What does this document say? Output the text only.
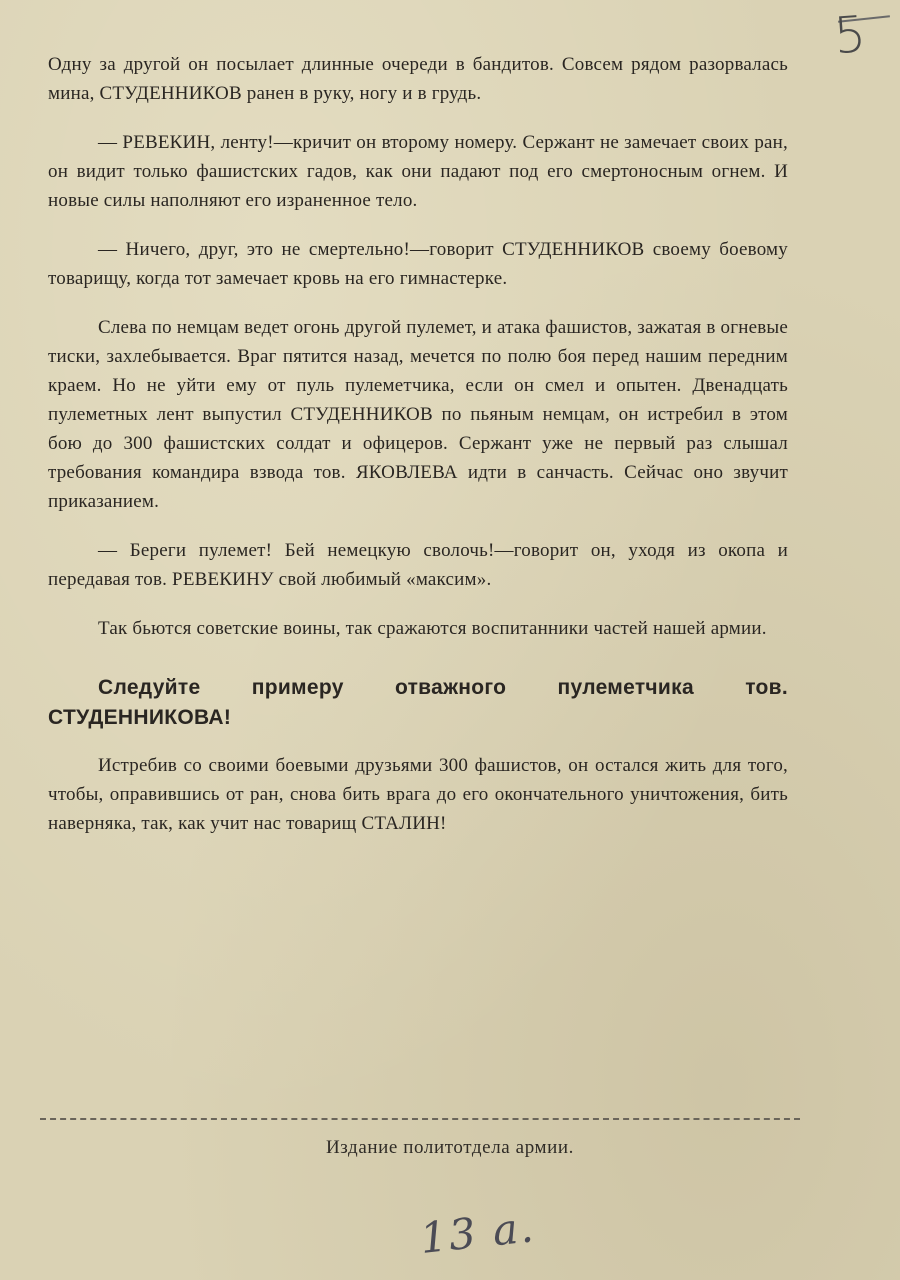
5

Одну за другой он посылает длинные очереди в бандитов. Совсем рядом разорвалась мина, СТУДЕННИКОВ ранен в руку, ногу и в грудь.

— РЕВЕКИН, ленту!—кричит он второму номеру. Сержант не замечает своих ран, он видит только фашистских гадов, как они падают под его смертоносным огнем. И новые силы наполняют его израненное тело.

— Ничего, друг, это не смертельно!—говорит СТУДЕННИКОВ своему боевому товарищу, когда тот замечает кровь на его гимнастерке.

Слева по немцам ведет огонь другой пулемет, и атака фашистов, зажатая в огневые тиски, захлебывается. Враг пятится назад, мечется по полю боя перед нашим передним краем. Но не уйти ему от пуль пулеметчика, если он смел и опытен. Двенадцать пулеметных лент выпустил СТУДЕННИКОВ по пьяным немцам, он истребил в этом бою до 300 фашистских солдат и офицеров. Сержант уже не первый раз слышал требования командира взвода тов. ЯКОВЛЕВА идти в санчасть. Сейчас оно звучит приказанием.

— Береги пулемет! Бей немецкую сволочь!—говорит он, уходя из окопа и передавая тов. РЕВЕКИНУ свой любимый «максим».

Так бьются советские воины, так сражаются воспитанники частей нашей армии.

Следуйте примеру отважного пулеметчика тов. СТУДЕННИКОВА!

Истребив со своими боевыми друзьями 300 фашистов, он остался жить для того, чтобы, оправившись от ран, снова бить врага до его окончательного уничтожения, бить наверняка, так, как учит нас товарищ СТАЛИН!

Издание политотдела армии.
13 а.
